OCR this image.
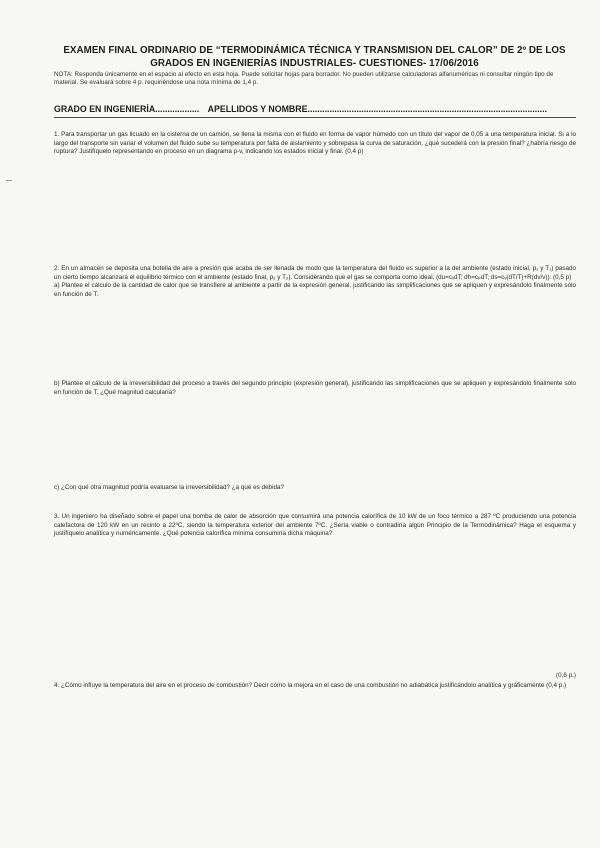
EXAMEN FINAL ORDINARIO DE “TERMODINÁMICA TÉCNICA Y TRANSMISION DEL CALOR” DE 2º DE LOS
GRADOS EN INGENIERÍAS INDUSTRIALES- CUESTIONES- 17/06/2016
NOTA: Responda únicamente en el espacio al efecto en esta hoja. Puede solicitar hojas para borrador. No pueden utilizarse calculadoras alfanuméricas ni consultar ningún tipo de material. Se evaluará sobre 4 p. requiriéndose una nota mínima de 1,4 p.
GRADO EN INGENIERÍA.................. APELLIDOS Y NOMBRE..................................................................................................

1. Para transportar un gas licuado en la cisterna de un camión, se llena la misma con el fluido en forma de vapor húmedo con un título del vapor de 0,05 a una temperatura inicial. Si a lo largo del transporte sin variar el volumen del fluido sube su temperatura por falta de aislamiento y sobrepasa la curva de saturación, ¿qué sucederá con la presión final? ¿habría riesgo de ruptura? Justifíquelo representando en proceso en un diagrama p-v, indicando los estados inicial y final. (0,4 p)

2. En un almacén se deposita una botella de aire a presión que acaba de ser llenada de modo que la temperatura del fluido es superior a la del ambiente (estado inicial, p₁ y T₁) pasado un cierto tiempo alcanzará el equilibrio térmico con el ambiente (estado final, p₂ y T₂). Considerando que el gas se comporta como ideal, (du=cᵥdT; dh=cₚdT; ds=cᵥ(dT/T)+R(dv/v)). (0,5 p)

a) Plantee el cálculo de la cantidad de calor que se transfiere al ambiente a partir de la expresión general, justificando las simplificaciones que se apliquen y expresándolo finalmente sólo en función de T.

b) Plantee el cálculo de la irreversibilidad del proceso a través del segundo principio (expresión general), justificando las simplificaciones que se apliquen y expresándolo finalmente sólo en función de T. ¿Qué magnitud calcularía?

c) ¿Con qué otra magnitud podría evaluarse la irreversibilidad? ¿a qué es debida?

3. Un ingeniero ha diseñado sobre el papel una bomba de calor de absorción que consumirá una potencia calorífica de 10 kW de un foco térmico a 287 ºC produciendo una potencia calefactora de 120 kW en un recinto a 22ºC, siendo la temperatura exterior del ambiente 7ºC. ¿Sería viable o contradiría algún Principio de la Termodinámica? Haga el esquema y justifíquelo analítica y numéricamente. ¿Qué potencia calorífica mínima consumiría dicha máquina?

(0,6 p.)

4. ¿Cómo influye la temperatura del aire en el proceso de combustión? Decir cómo la mejora en el caso de una combustión no adiabática justificándolo analítica y gráficamente (0,4 p.)
